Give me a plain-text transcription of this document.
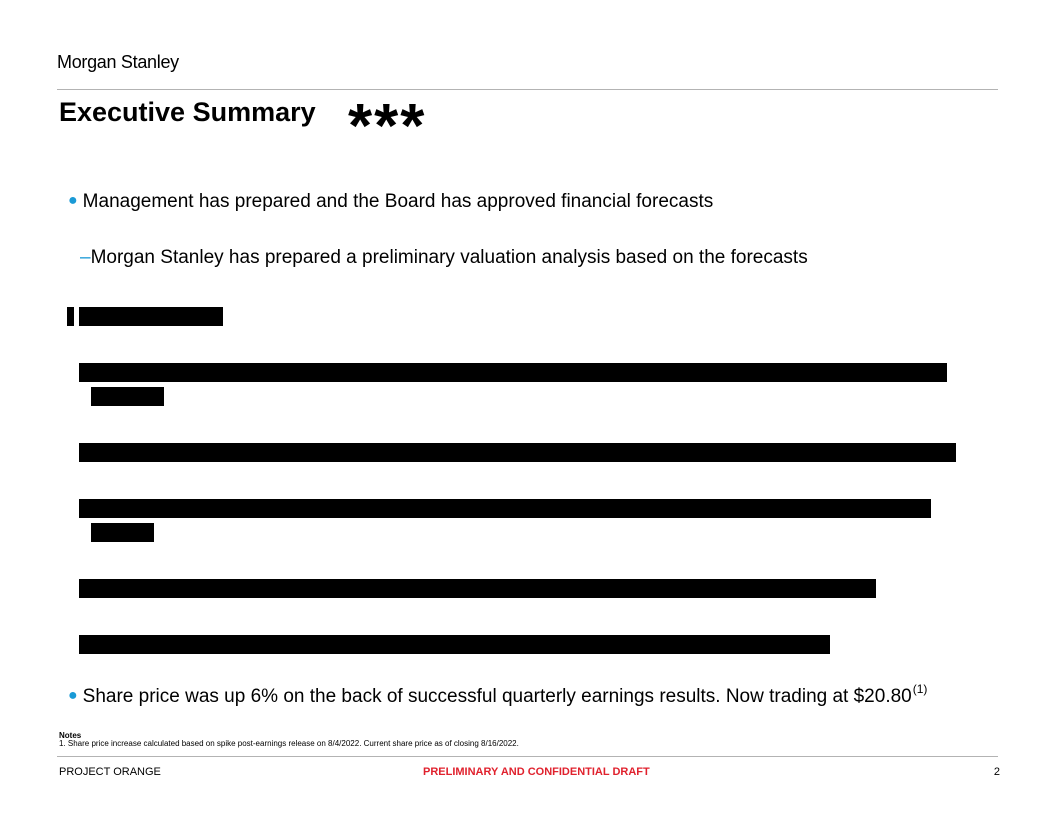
Morgan Stanley
Executive Summary ***
● Management has prepared and the Board has approved financial forecasts
–Morgan Stanley has prepared a preliminary valuation analysis based on the forecasts
● Share price was up 6% on the back of successful quarterly earnings results. Now trading at $20.80$^{(1)}$
Notes
1. Share price increase calculated based on spike post-earnings release on 8/4/2022. Current share price as of closing 8/16/2022.
PROJECT ORANGE	PRELIMINARY AND CONFIDENTIAL DRAFT	2
